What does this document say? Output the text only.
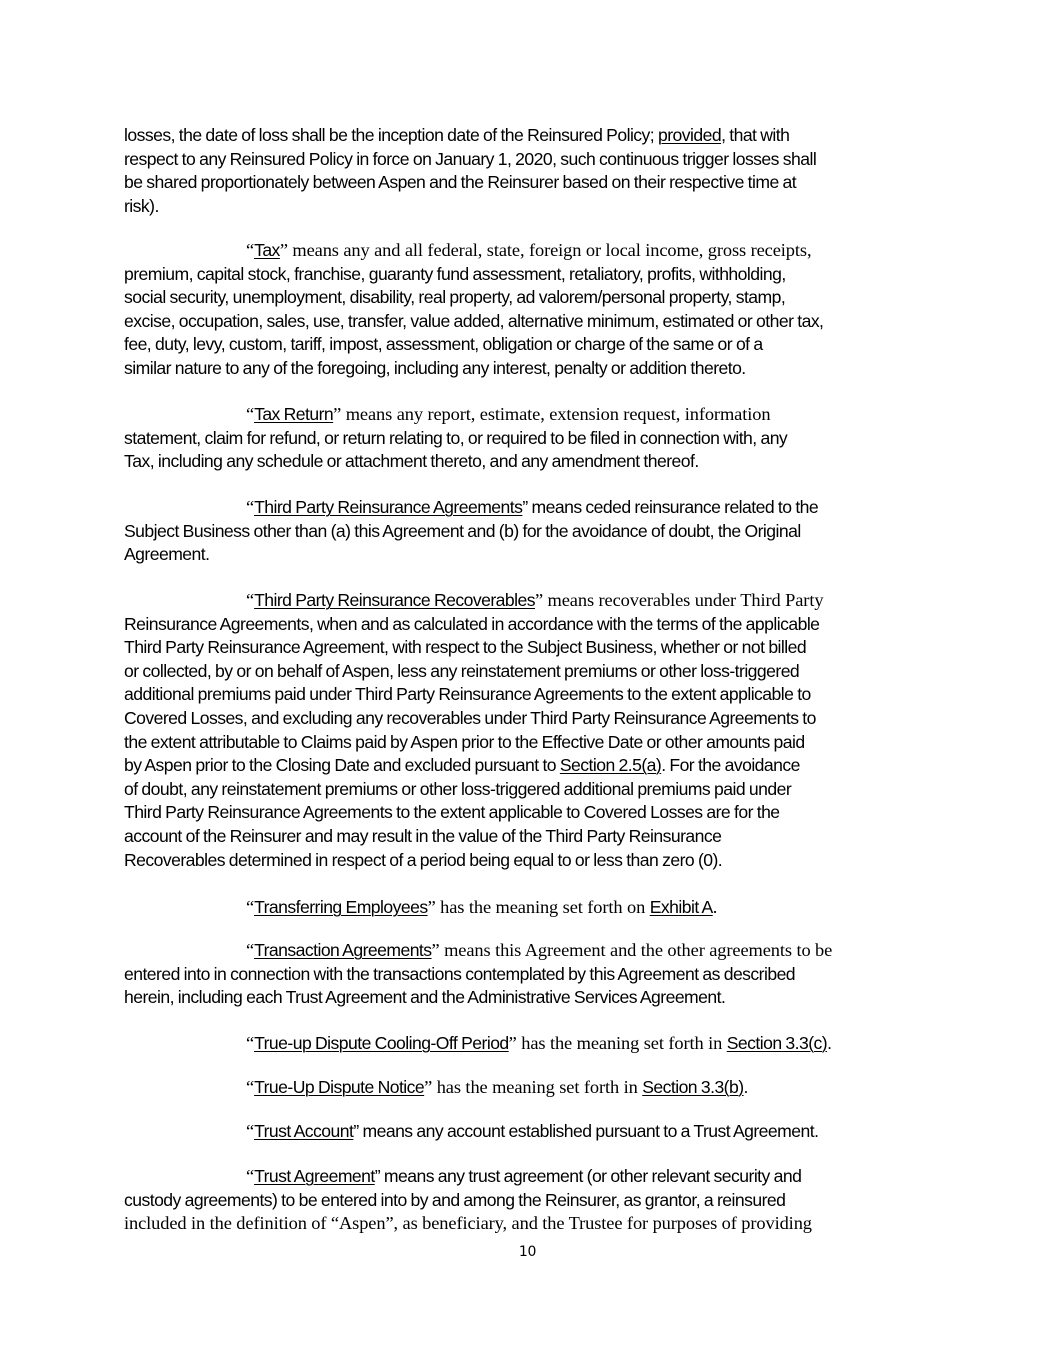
losses, the date of loss shall be the inception date of the Reinsured Policy; provided, that with
respect to any Reinsured Policy in force on January 1, 2020, such continuous trigger losses shall
be shared proportionately between Aspen and the Reinsurer based on their respective time at
risk).
“Tax” means any and all federal, state, foreign or local income, gross receipts,
premium, capital stock, franchise, guaranty fund assessment, retaliatory, profits, withholding,
social security, unemployment, disability, real property, ad valorem/personal property, stamp,
excise, occupation, sales, use, transfer, value added, alternative minimum, estimated or other tax,
fee, duty, levy, custom, tariff, impost, assessment, obligation or charge of the same or of a
similar nature to any of the foregoing, including any interest, penalty or addition thereto.
“Tax Return” means any report, estimate, extension request, information
statement, claim for refund, or return relating to, or required to be filed in connection with, any
Tax, including any schedule or attachment thereto, and any amendment thereof.
“Third Party Reinsurance Agreements” means ceded reinsurance related to the
Subject Business other than (a) this Agreement and (b) for the avoidance of doubt, the Original
Agreement.
“Third Party Reinsurance Recoverables” means recoverables under Third Party
Reinsurance Agreements, when and as calculated in accordance with the terms of the applicable
Third Party Reinsurance Agreement, with respect to the Subject Business, whether or not billed
or collected, by or on behalf of Aspen, less any reinstatement premiums or other loss-triggered
additional premiums paid under Third Party Reinsurance Agreements to the extent applicable to
Covered Losses, and excluding any recoverables under Third Party Reinsurance Agreements to
the extent attributable to Claims paid by Aspen prior to the Effective Date or other amounts paid
by Aspen prior to the Closing Date and excluded pursuant to Section 2.5(a). For the avoidance
of doubt, any reinstatement premiums or other loss-triggered additional premiums paid under
Third Party Reinsurance Agreements to the extent applicable to Covered Losses are for the
account of the Reinsurer and may result in the value of the Third Party Reinsurance
Recoverables determined in respect of a period being equal to or less than zero (0).
“Transferring Employees” has the meaning set forth on Exhibit A.
“Transaction Agreements” means this Agreement and the other agreements to be
entered into in connection with the transactions contemplated by this Agreement as described
herein, including each Trust Agreement and the Administrative Services Agreement.
“True-up Dispute Cooling-Off Period” has the meaning set forth in Section 3.3(c).
“True-Up Dispute Notice” has the meaning set forth in Section 3.3(b).
“Trust Account” means any account established pursuant to a Trust Agreement.
“Trust Agreement” means any trust agreement (or other relevant security and
custody agreements) to be entered into by and among the Reinsurer, as grantor, a reinsured
included in the definition of “Aspen”, as beneficiary, and the Trustee for purposes of providing
10
